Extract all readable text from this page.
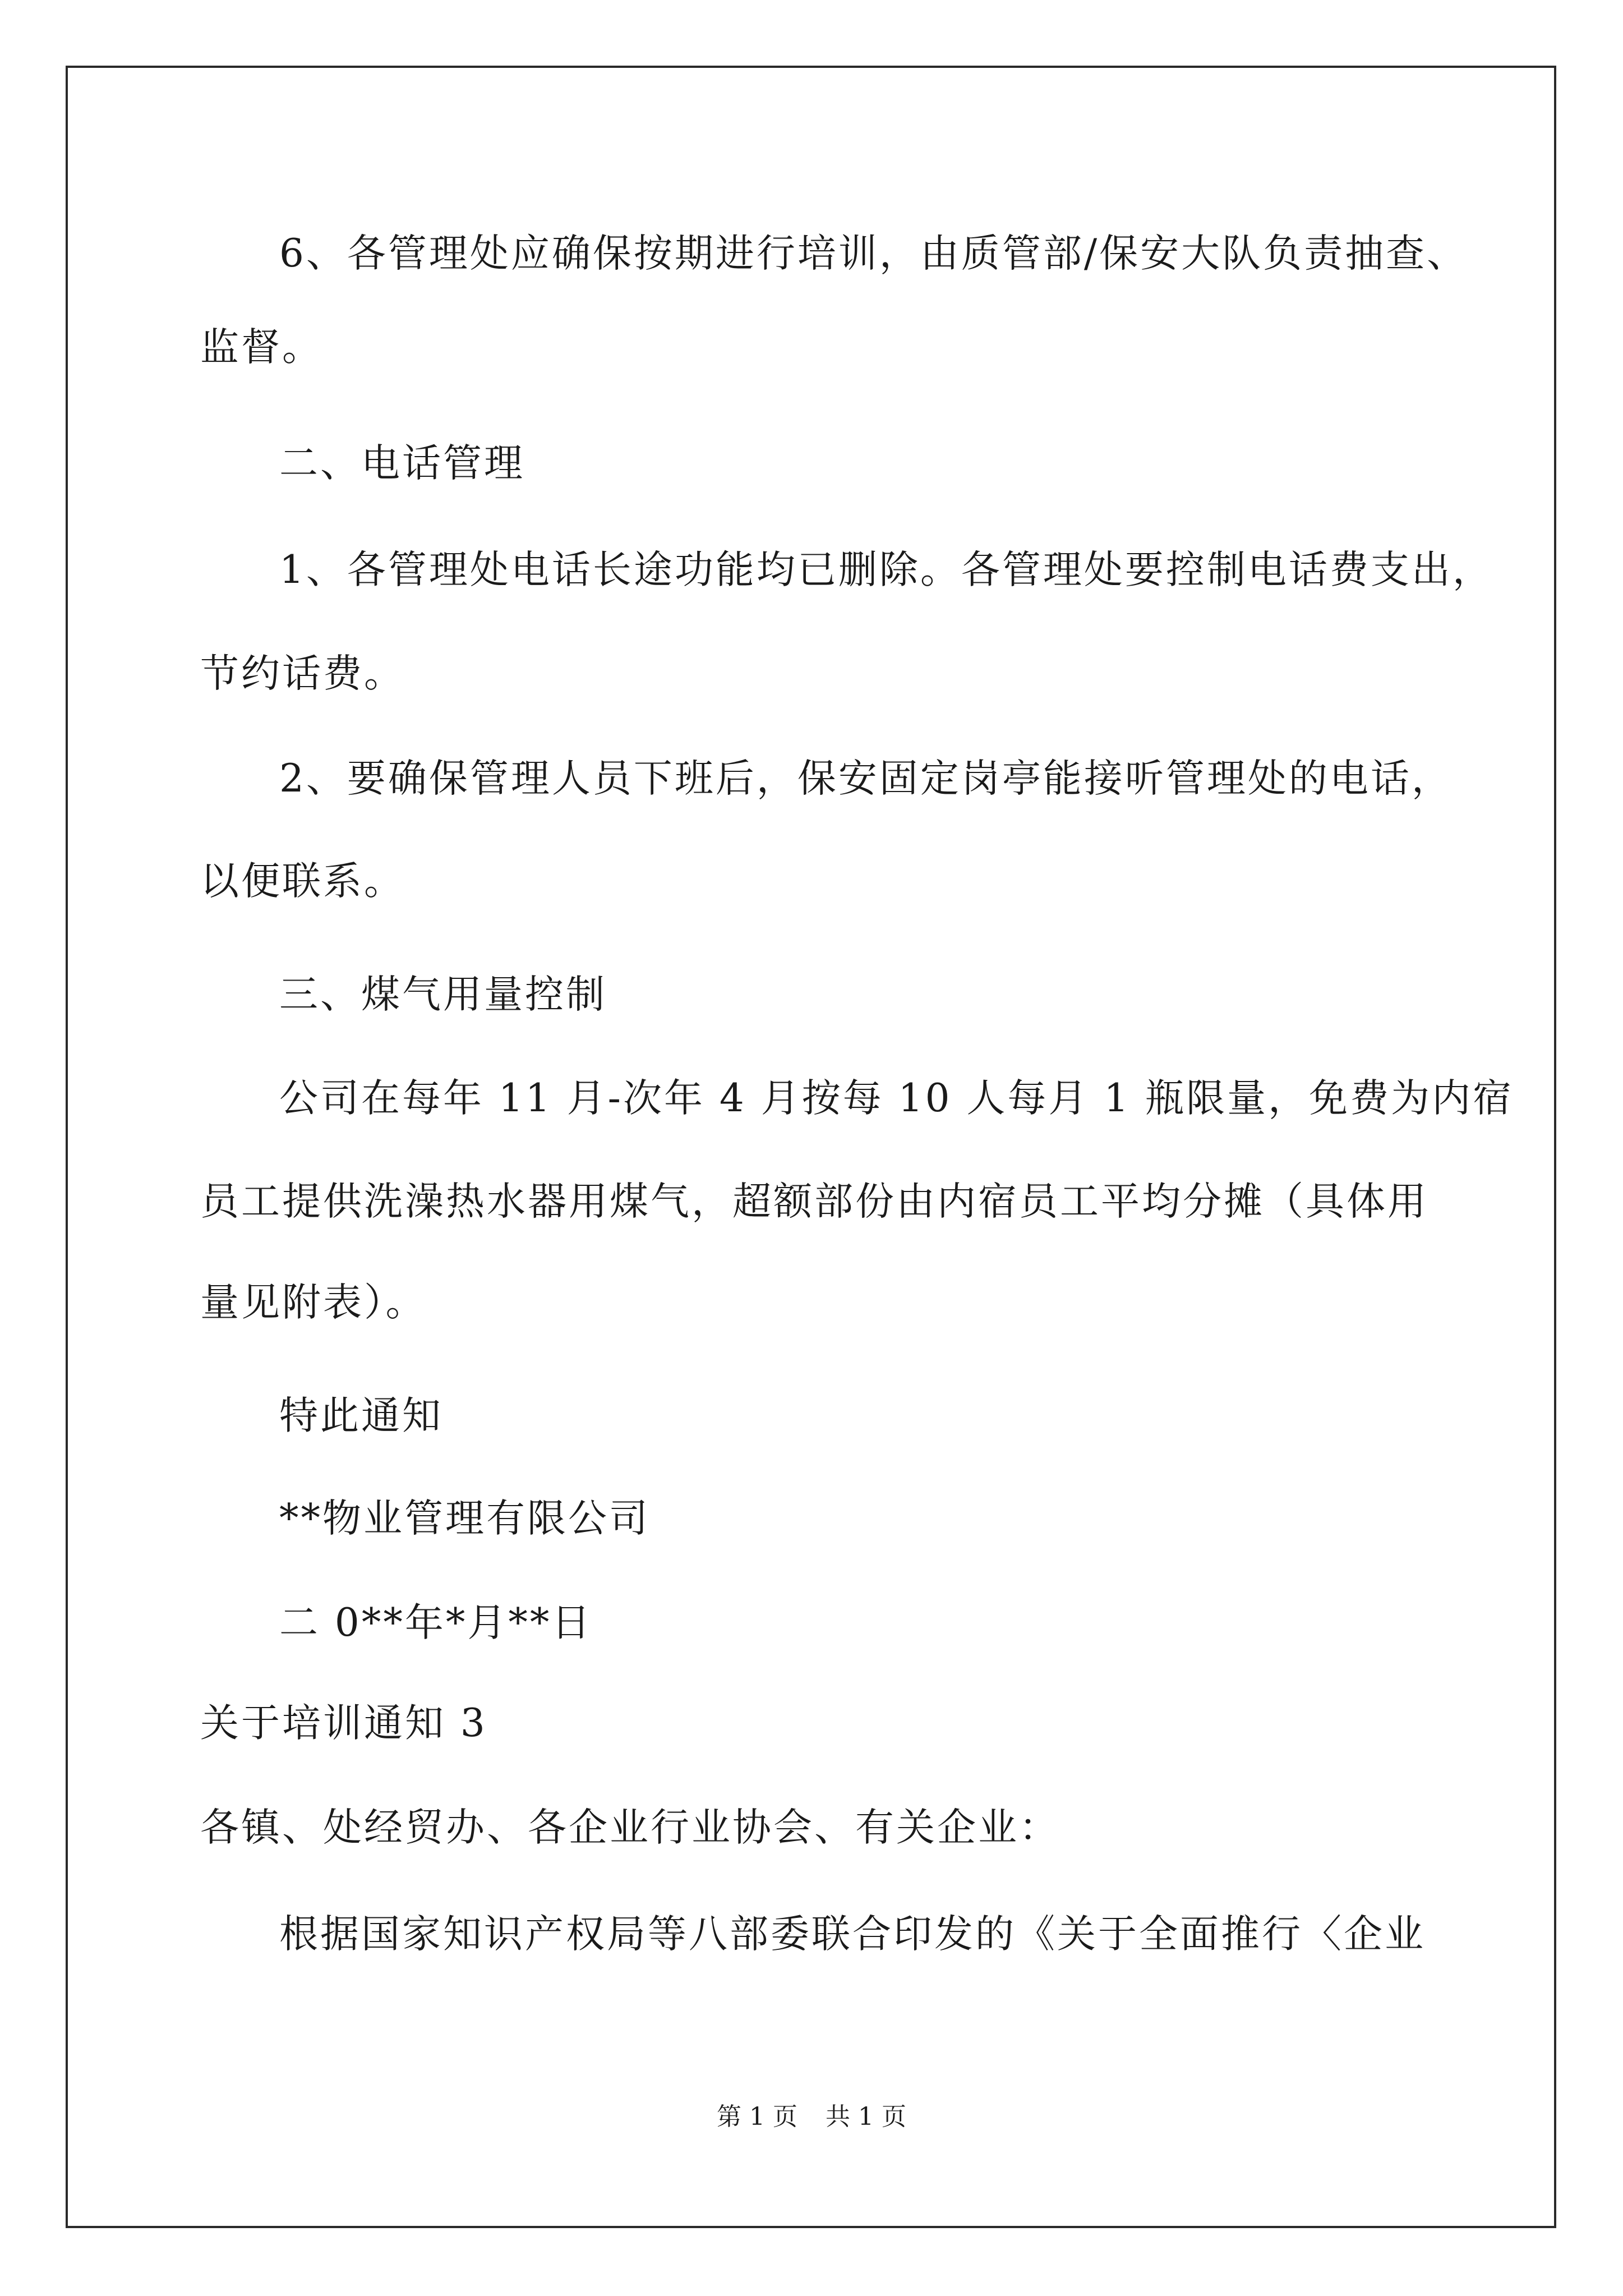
6、各管理处应确保按期进行培训，由质管部/保安大队负责抽查、
监督。
二、电话管理
1、各管理处电话长途功能均已删除。各管理处要控制电话费支出，
节约话费。
2、要确保管理人员下班后，保安固定岗亭能接听管理处的电话，
以便联系。
三、煤气用量控制
公司在每年 11 月-次年 4 月按每 10 人每月 1 瓶限量，免费为内宿
员工提供洗澡热水器用煤气，超额部份由内宿员工平均分摊（具体用
量见附表）。
特此通知
**物业管理有限公司
二 0**年*月**日
关于培训通知 3
各镇、处经贸办、各企业行业协会、有关企业：
根据国家知识产权局等八部委联合印发的《关于全面推行〈企业
第 1 页 共 1 页
